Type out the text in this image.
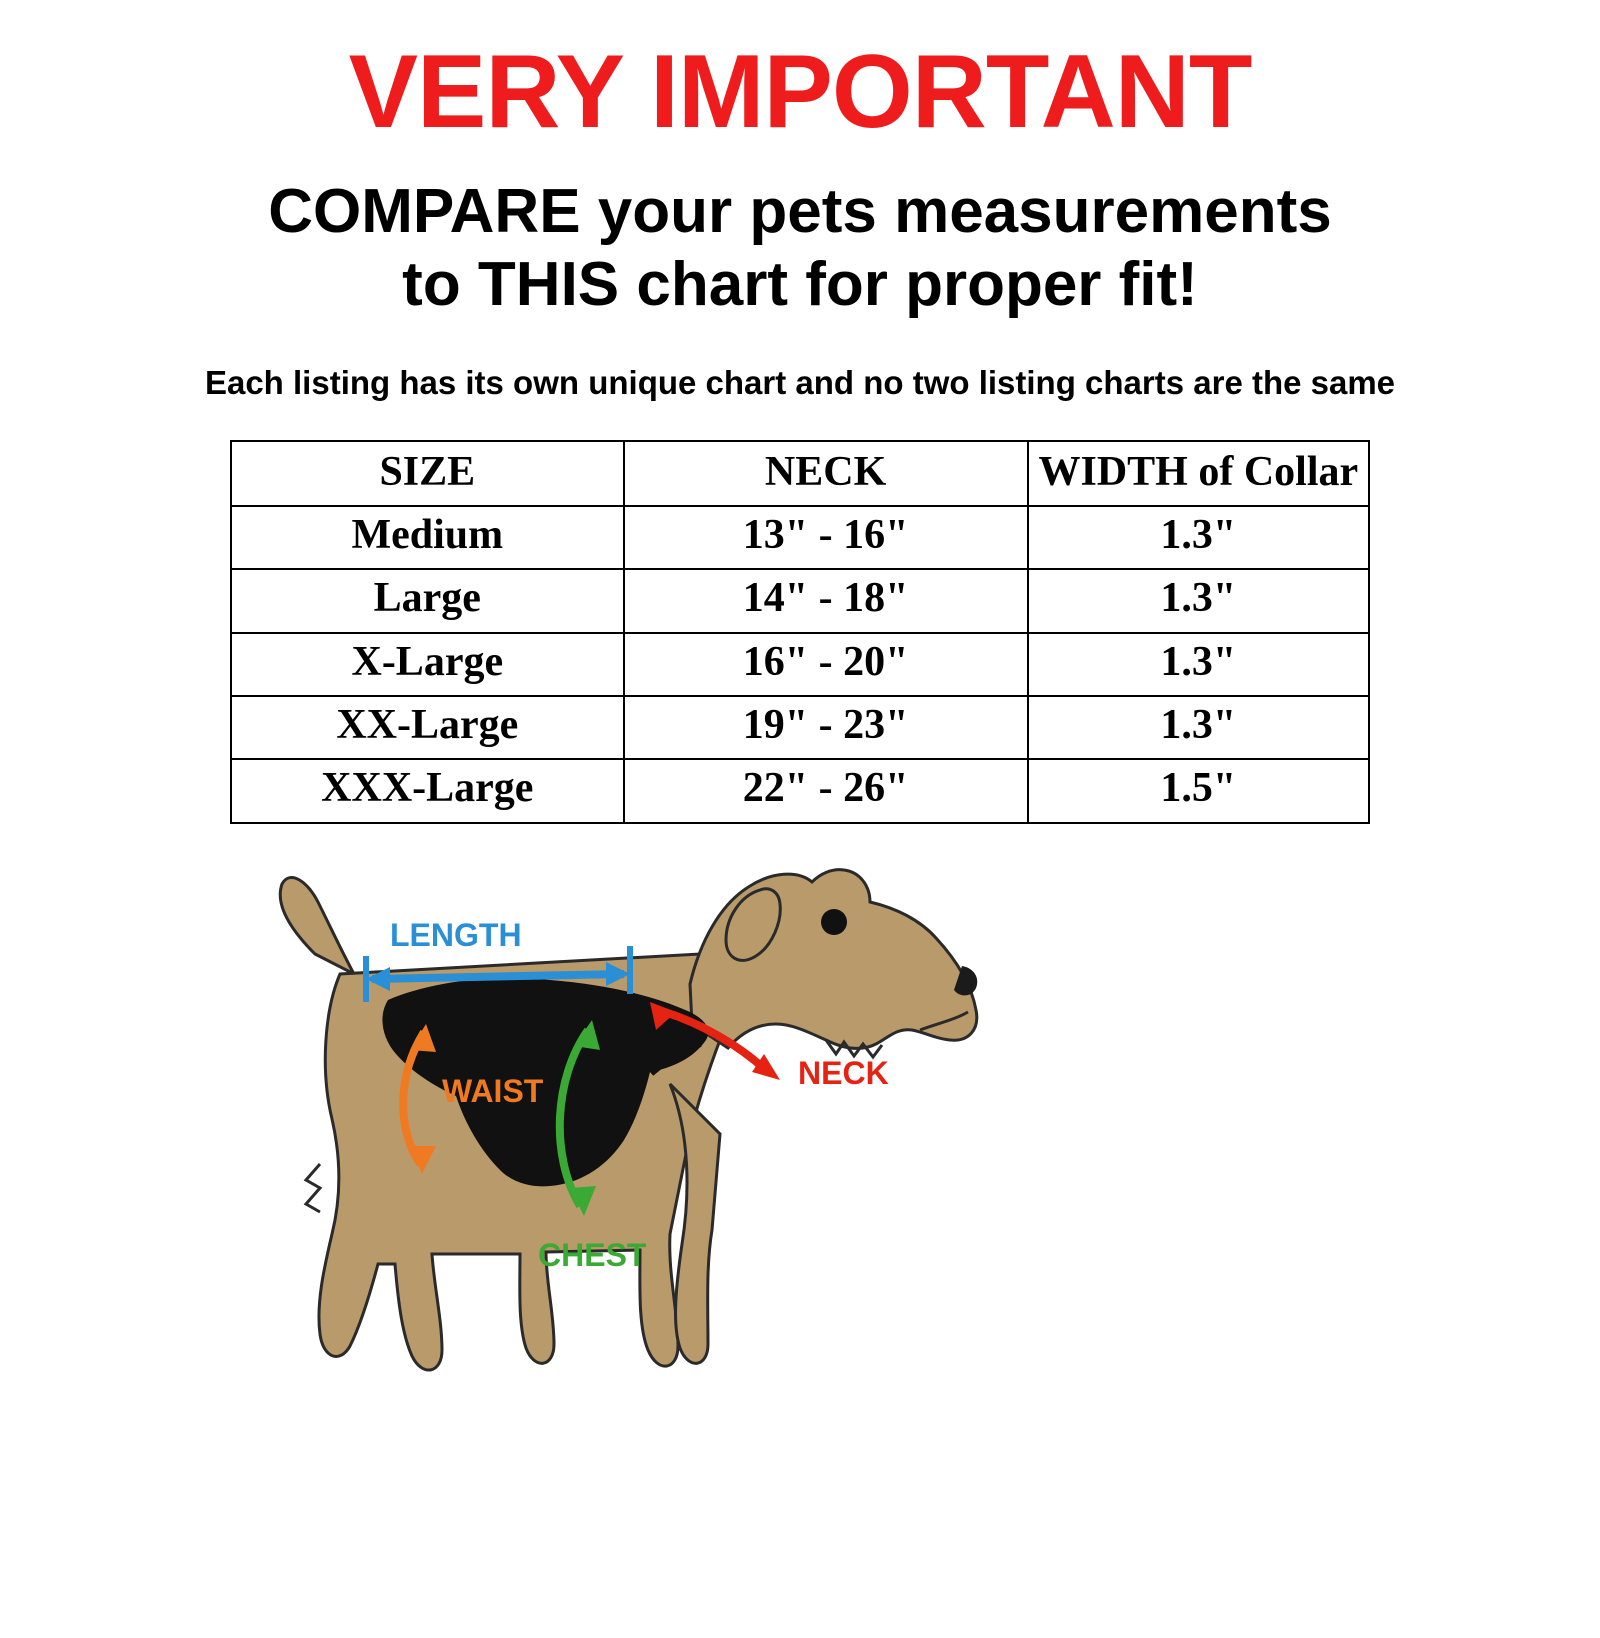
VERY IMPORTANT
COMPARE your pets measurements
to THIS chart for proper fit!
Each listing has its own unique chart and no two listing charts are the same
SIZE	NECK	WIDTH of Collar
Medium	13" - 16"	1.3"
Large	14" - 18"	1.3"
X-Large	16" - 20"	1.3"
XX-Large	19" - 23"	1.3"
XXX-Large	22" - 26"	1.5"
LENGTH
WAIST
CHEST
NECK
